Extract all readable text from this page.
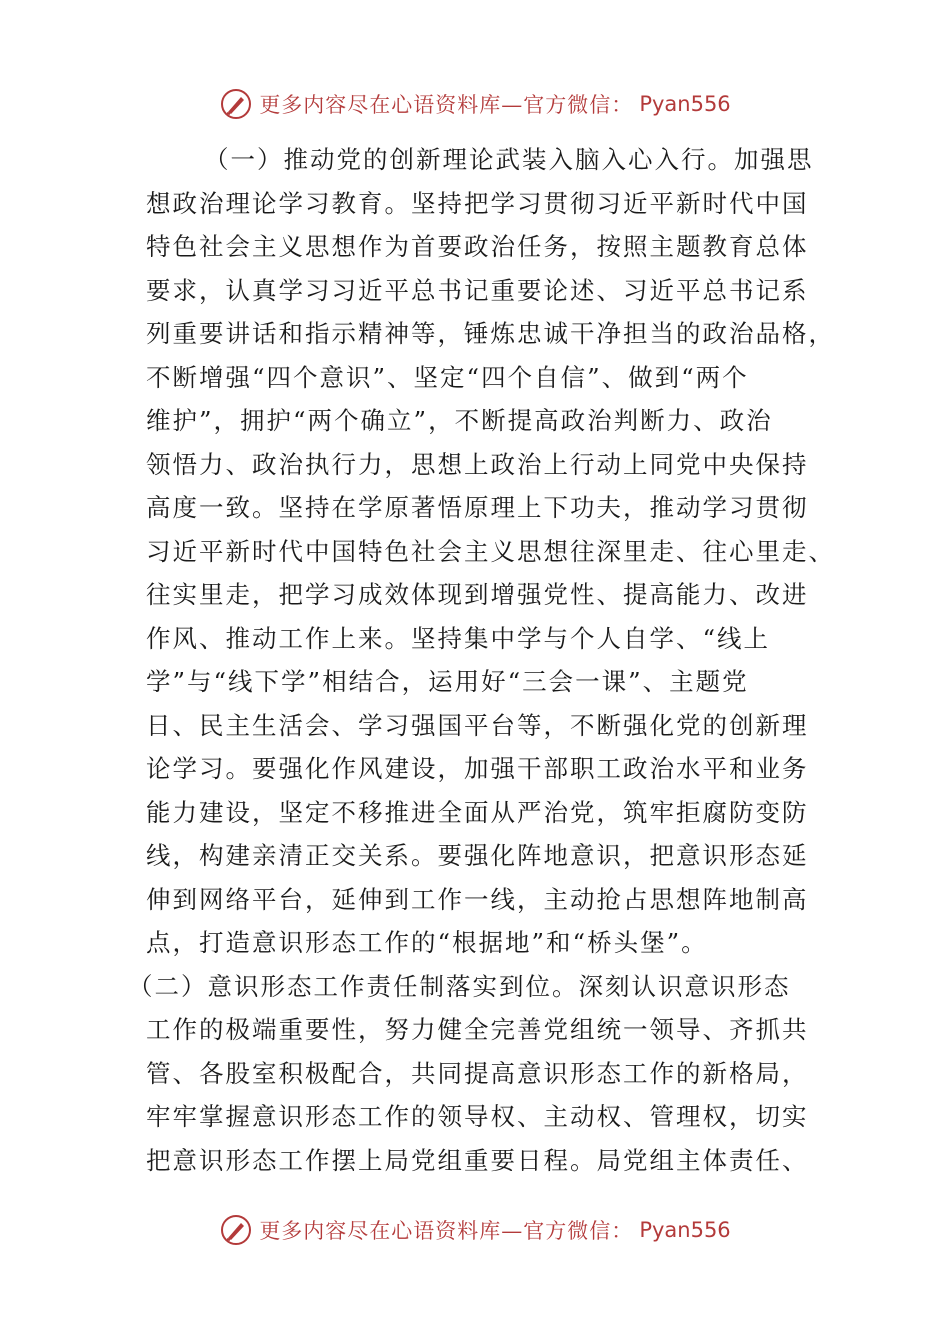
更多内容尽在心语资料库—官方微信： Pyan556
（一）推动党的创新理论武装入脑入心入行。加强思
想政治理论学习教育。坚持把学习贯彻习近平新时代中国
特色社会主义思想作为首要政治任务，按照主题教育总体
要求，认真学习习近平总书记重要论述、习近平总书记系
列重要讲话和指示精神等，锤炼忠诚干净担当的政治品格，
不断增强“四个意识”、坚定“四个自信”、做到“两个
维护”，拥护“两个确立”，不断提高政治判断力、政治
领悟力、政治执行力，思想上政治上行动上同党中央保持
高度一致。坚持在学原著悟原理上下功夫，推动学习贯彻
习近平新时代中国特色社会主义思想往深里走、往心里走、
往实里走，把学习成效体现到增强党性、提高能力、改进
作风、推动工作上来。坚持集中学与个人自学、“线上
学”与“线下学”相结合，运用好“三会一课”、主题党
日、民主生活会、学习强国平台等，不断强化党的创新理
论学习。要强化作风建设，加强干部职工政治水平和业务
能力建设，坚定不移推进全面从严治党，筑牢拒腐防变防
线，构建亲清正交关系。要强化阵地意识，把意识形态延
伸到网络平台，延伸到工作一线，主动抢占思想阵地制高
点，打造意识形态工作的“根据地”和“桥头堡”。
（二）意识形态工作责任制落实到位。深刻认识意识形态
工作的极端重要性，努力健全完善党组统一领导、齐抓共
管、各股室积极配合，共同提高意识形态工作的新格局，
牢牢掌握意识形态工作的领导权、主动权、管理权，切实
把意识形态工作摆上局党组重要日程。局党组主体责任、
更多内容尽在心语资料库—官方微信： Pyan556
